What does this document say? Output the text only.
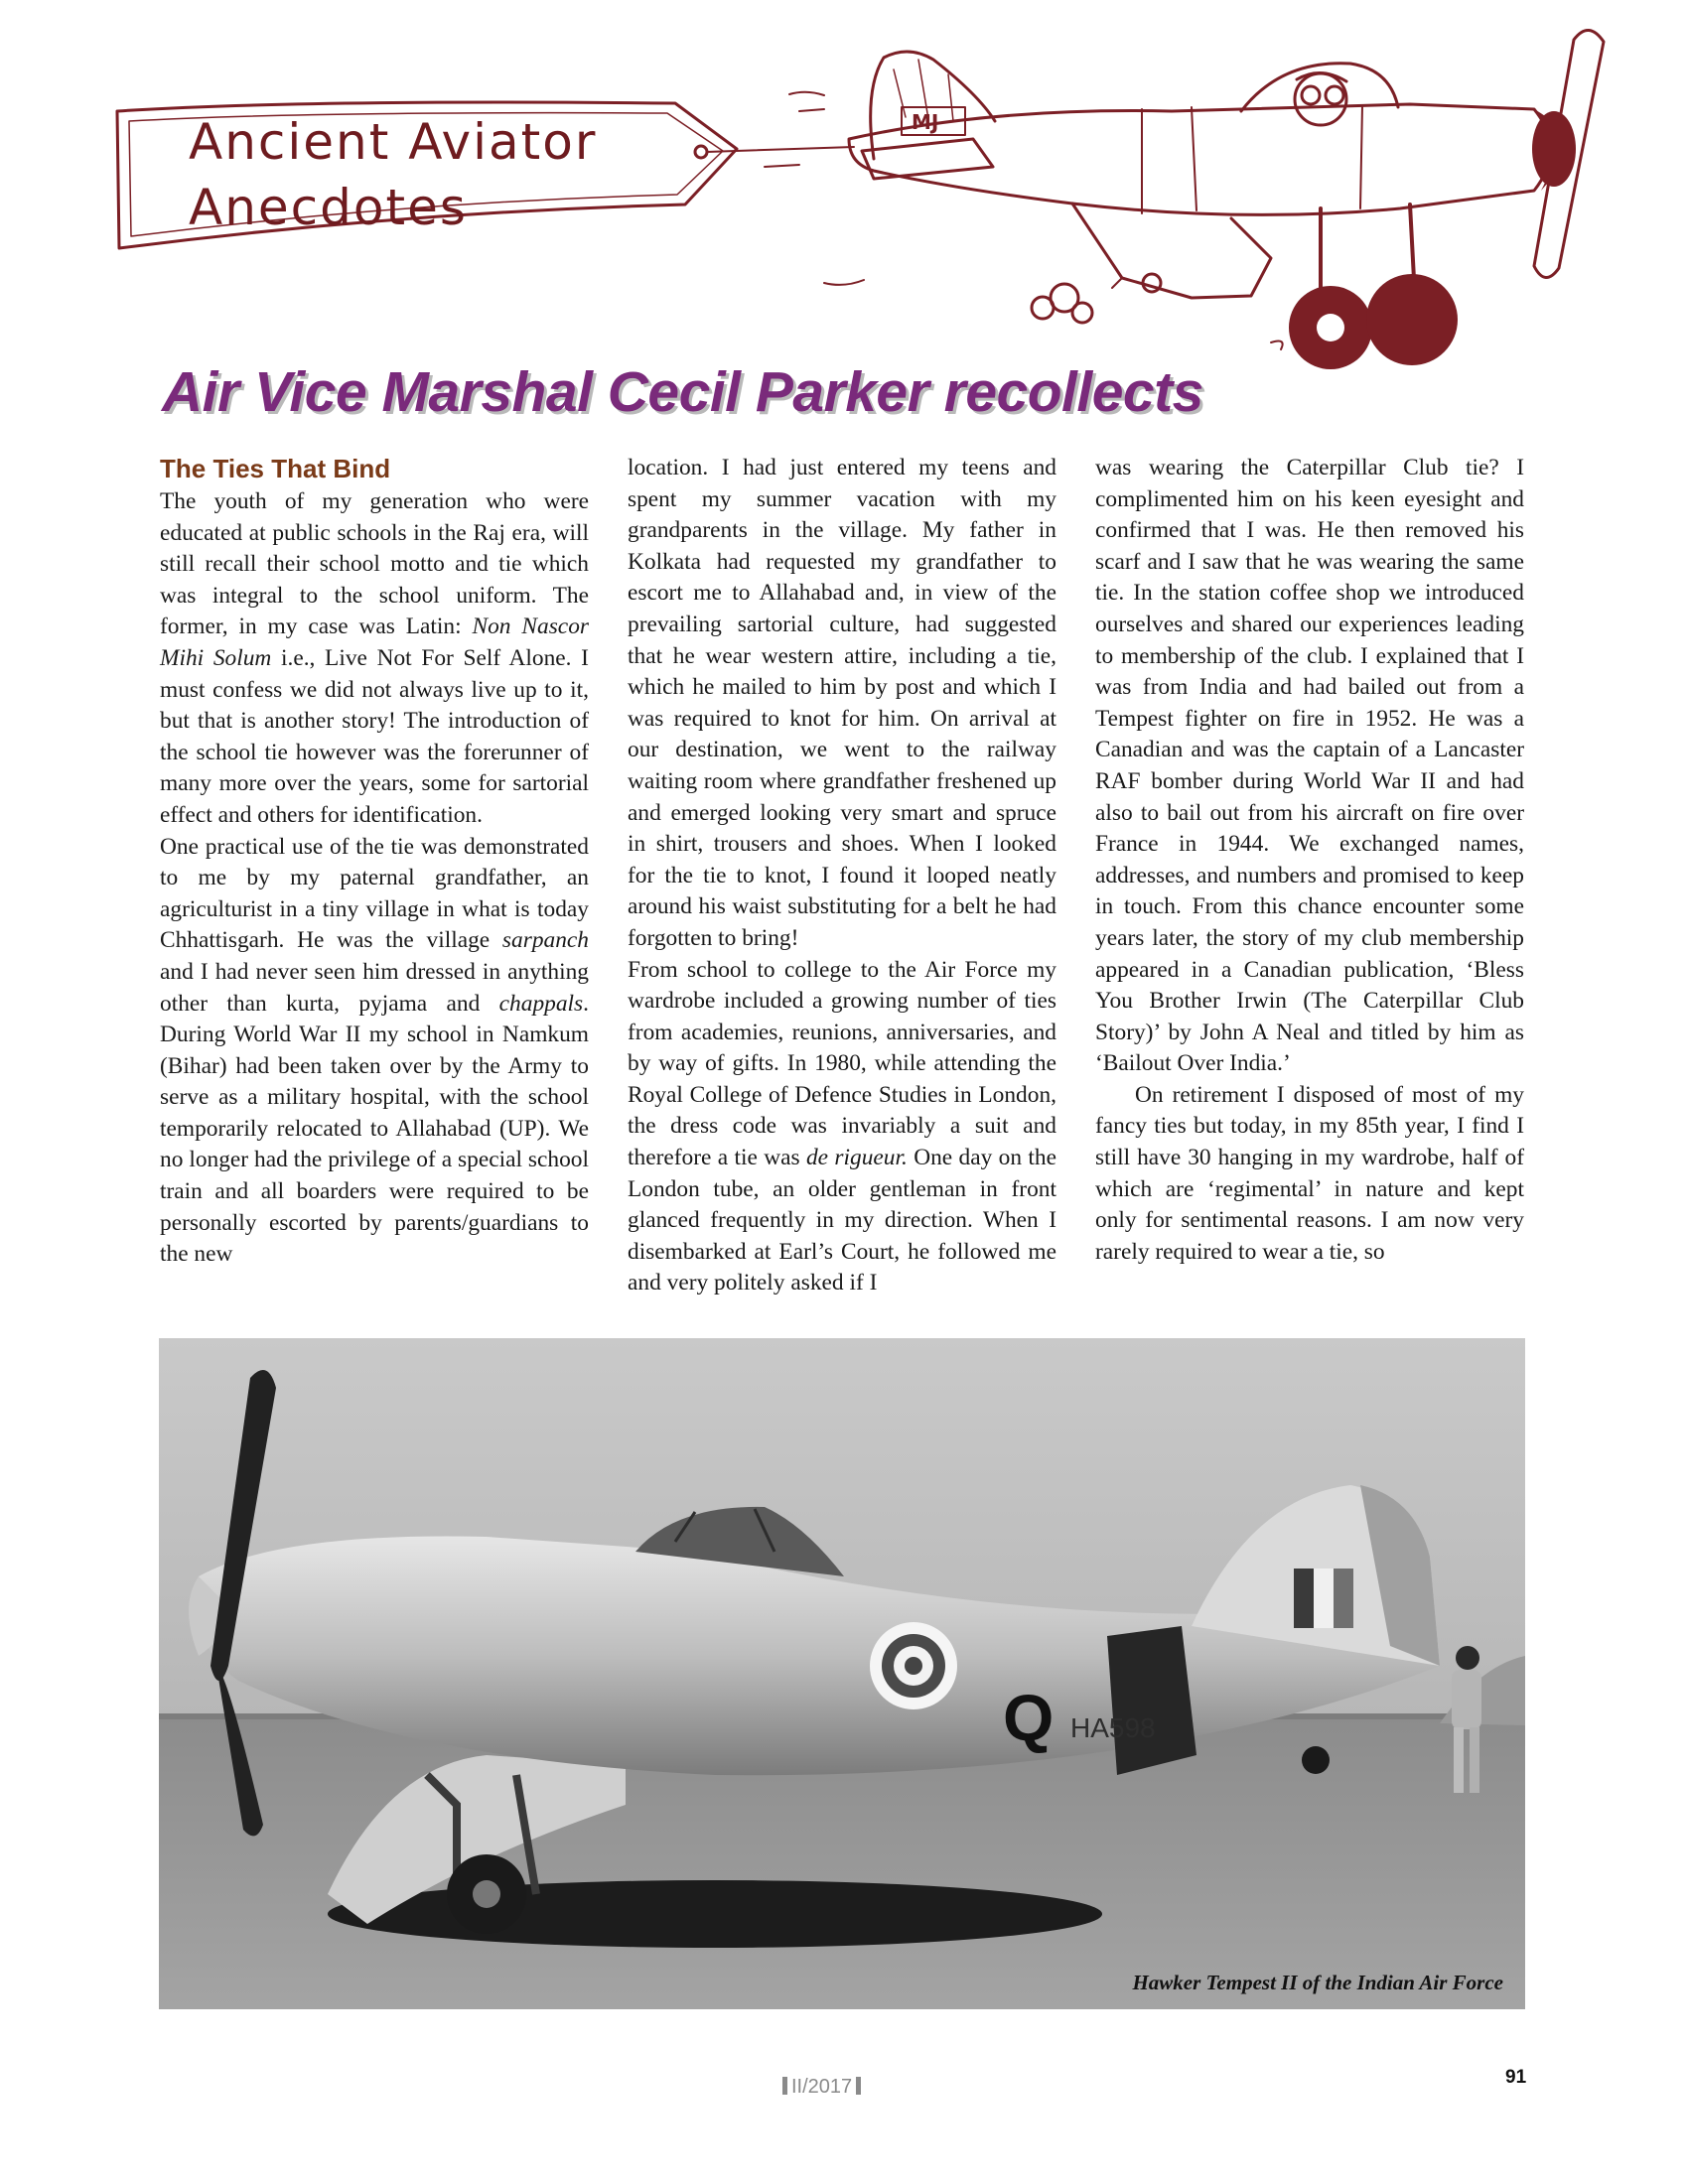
MJ
Ancient Aviator
Anecdotes
Air Vice Marshal Cecil Parker recollects
The Ties That Bind

The youth of my generation who were educated at public schools in the Raj era, will still recall their school motto and tie which was integral to the school uniform. The former, in my case was Latin: Non Nascor Mihi Solum i.e., Live Not For Self Alone. I must confess we did not always live up to it, but that is another story! The introduction of the school tie however was the forerunner of many more over the years, some for sartorial effect and others for identification.

One practical use of the tie was demonstrated to me by my paternal grandfather, an agriculturist in a tiny village in what is today Chhattisgarh. He was the village sarpanch and I had never seen him dressed in anything other than kurta, pyjama and chappals. During World War II my school in Namkum (Bihar) had been taken over by the Army to serve as a military hospital, with the school temporarily relocated to Allahabad (UP). We no longer had the privilege of a special school train and all boarders were required to be personally escorted by parents/guardians to the new

location. I had just entered my teens and spent my summer vacation with my grandparents in the village. My father in Kolkata had requested my grandfather to escort me to Allahabad and, in view of the prevailing sartorial culture, had suggested that he wear western attire, including a tie, which he mailed to him by post and which I was required to knot for him. On arrival at our destination, we went to the railway waiting room where grandfather freshened up and emerged looking very smart and spruce in shirt, trousers and shoes. When I looked for the tie to knot, I found it looped neatly around his waist substituting for a belt he had forgotten to bring!

From school to college to the Air Force my wardrobe included a growing number of ties from academies, reunions, anniversaries, and by way of gifts. In 1980, while attending the Royal College of Defence Studies in London, the dress code was invariably a suit and therefore a tie was de rigueur. One day on the London tube, an older gentleman in front glanced frequently in my direction. When I disembarked at Earl’s Court, he followed me and very politely asked if I

was wearing the Caterpillar Club tie? I complimented him on his keen eyesight and confirmed that I was. He then removed his scarf and I saw that he was wearing the same tie. In the station coffee shop we introduced ourselves and shared our experiences leading to membership of the club. I explained that I was from India and had bailed out from a Tempest fighter on fire in 1952. He was a Canadian and was the captain of a Lancaster RAF bomber during World War II and had also to bail out from his aircraft on fire over France in 1944. We exchanged names, addresses, and numbers and promised to keep in touch. From this chance encounter some years later, the story of my club membership appeared in a Canadian publication, ‘Bless You Brother Irwin (The Caterpillar Club Story)’ by John A Neal and titled by him as ‘Bailout Over India.’

On retirement I disposed of most of my fancy ties but today, in my 85th year, I find I still have 30 hanging in my wardrobe, half of which are ‘regimental’ in nature and kept only for sentimental reasons. I am now very rarely required to wear a tie, so

Q HA598

Hawker Tempest II of the Indian Air Force

II/2017	91
